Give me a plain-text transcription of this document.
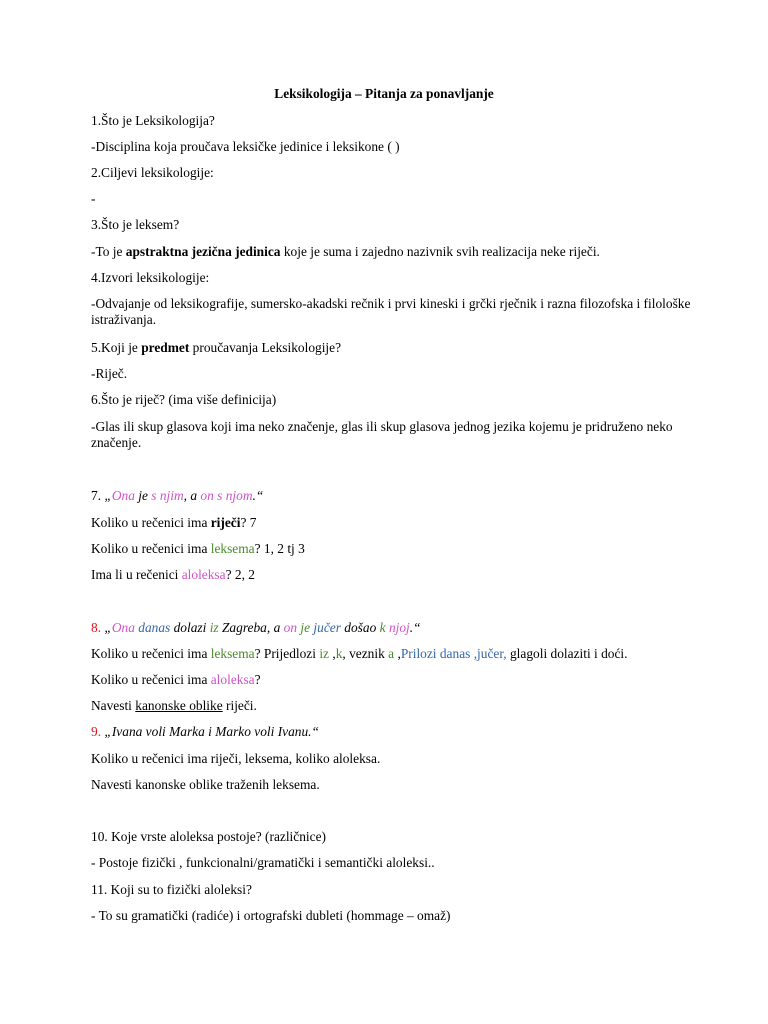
Leksikologija – Pitanja za ponavljanje
1.Što je Leksikologija?
-Disciplina koja proučava leksičke jedinice i leksikone ( )
2.Ciljevi leksikologije:
-
3.Što je leksem?
-To je apstraktna jezična jedinica koje je suma i zajedno nazivnik svih realizacija neke riječi.
4.Izvori leksikologije:
-Odvajanje od leksikografije, sumersko-akadski rečnik i prvi kineski i grčki rječnik i razna filozofska i filološke istraživanja.
5.Koji je predmet proučavanja Leksikologije?
-Riječ.
6.Što je riječ? (ima više definicija)
-Glas ili skup glasova koji ima neko značenje, glas ili skup glasova jednog jezika kojemu je pridruženo neko značenje.
7. „Ona je s njim, a on s njom.“
Koliko u rečenici ima riječi? 7
Koliko u rečenici ima leksema? 1, 2 tj 3
Ima li u rečenici aloleksa? 2, 2
8. „Ona danas dolazi iz Zagreba, a on je jučer došao k njoj.“
Koliko u rečenici ima leksema? Prijedlozi iz ,k, veznik a ,Prilozi danas ,jučer, glagoli dolaziti i doći.
Koliko u rečenici ima aloleksa?
Navesti kanonske oblike riječi.
9. „Ivana voli Marka i Marko voli Ivanu.“
Koliko u rečenici ima riječi, leksema, koliko aloleksa.
Navesti kanonske oblike traženih leksema.
10. Koje vrste aloleksa postoje? (različnice)
- Postoje fizički , funkcionalni/gramatički i semantički aloleksi..
11. Koji su to fizički aloleksi?
- To su gramatički (radiće) i ortografski dubleti (hommage – omaž)
